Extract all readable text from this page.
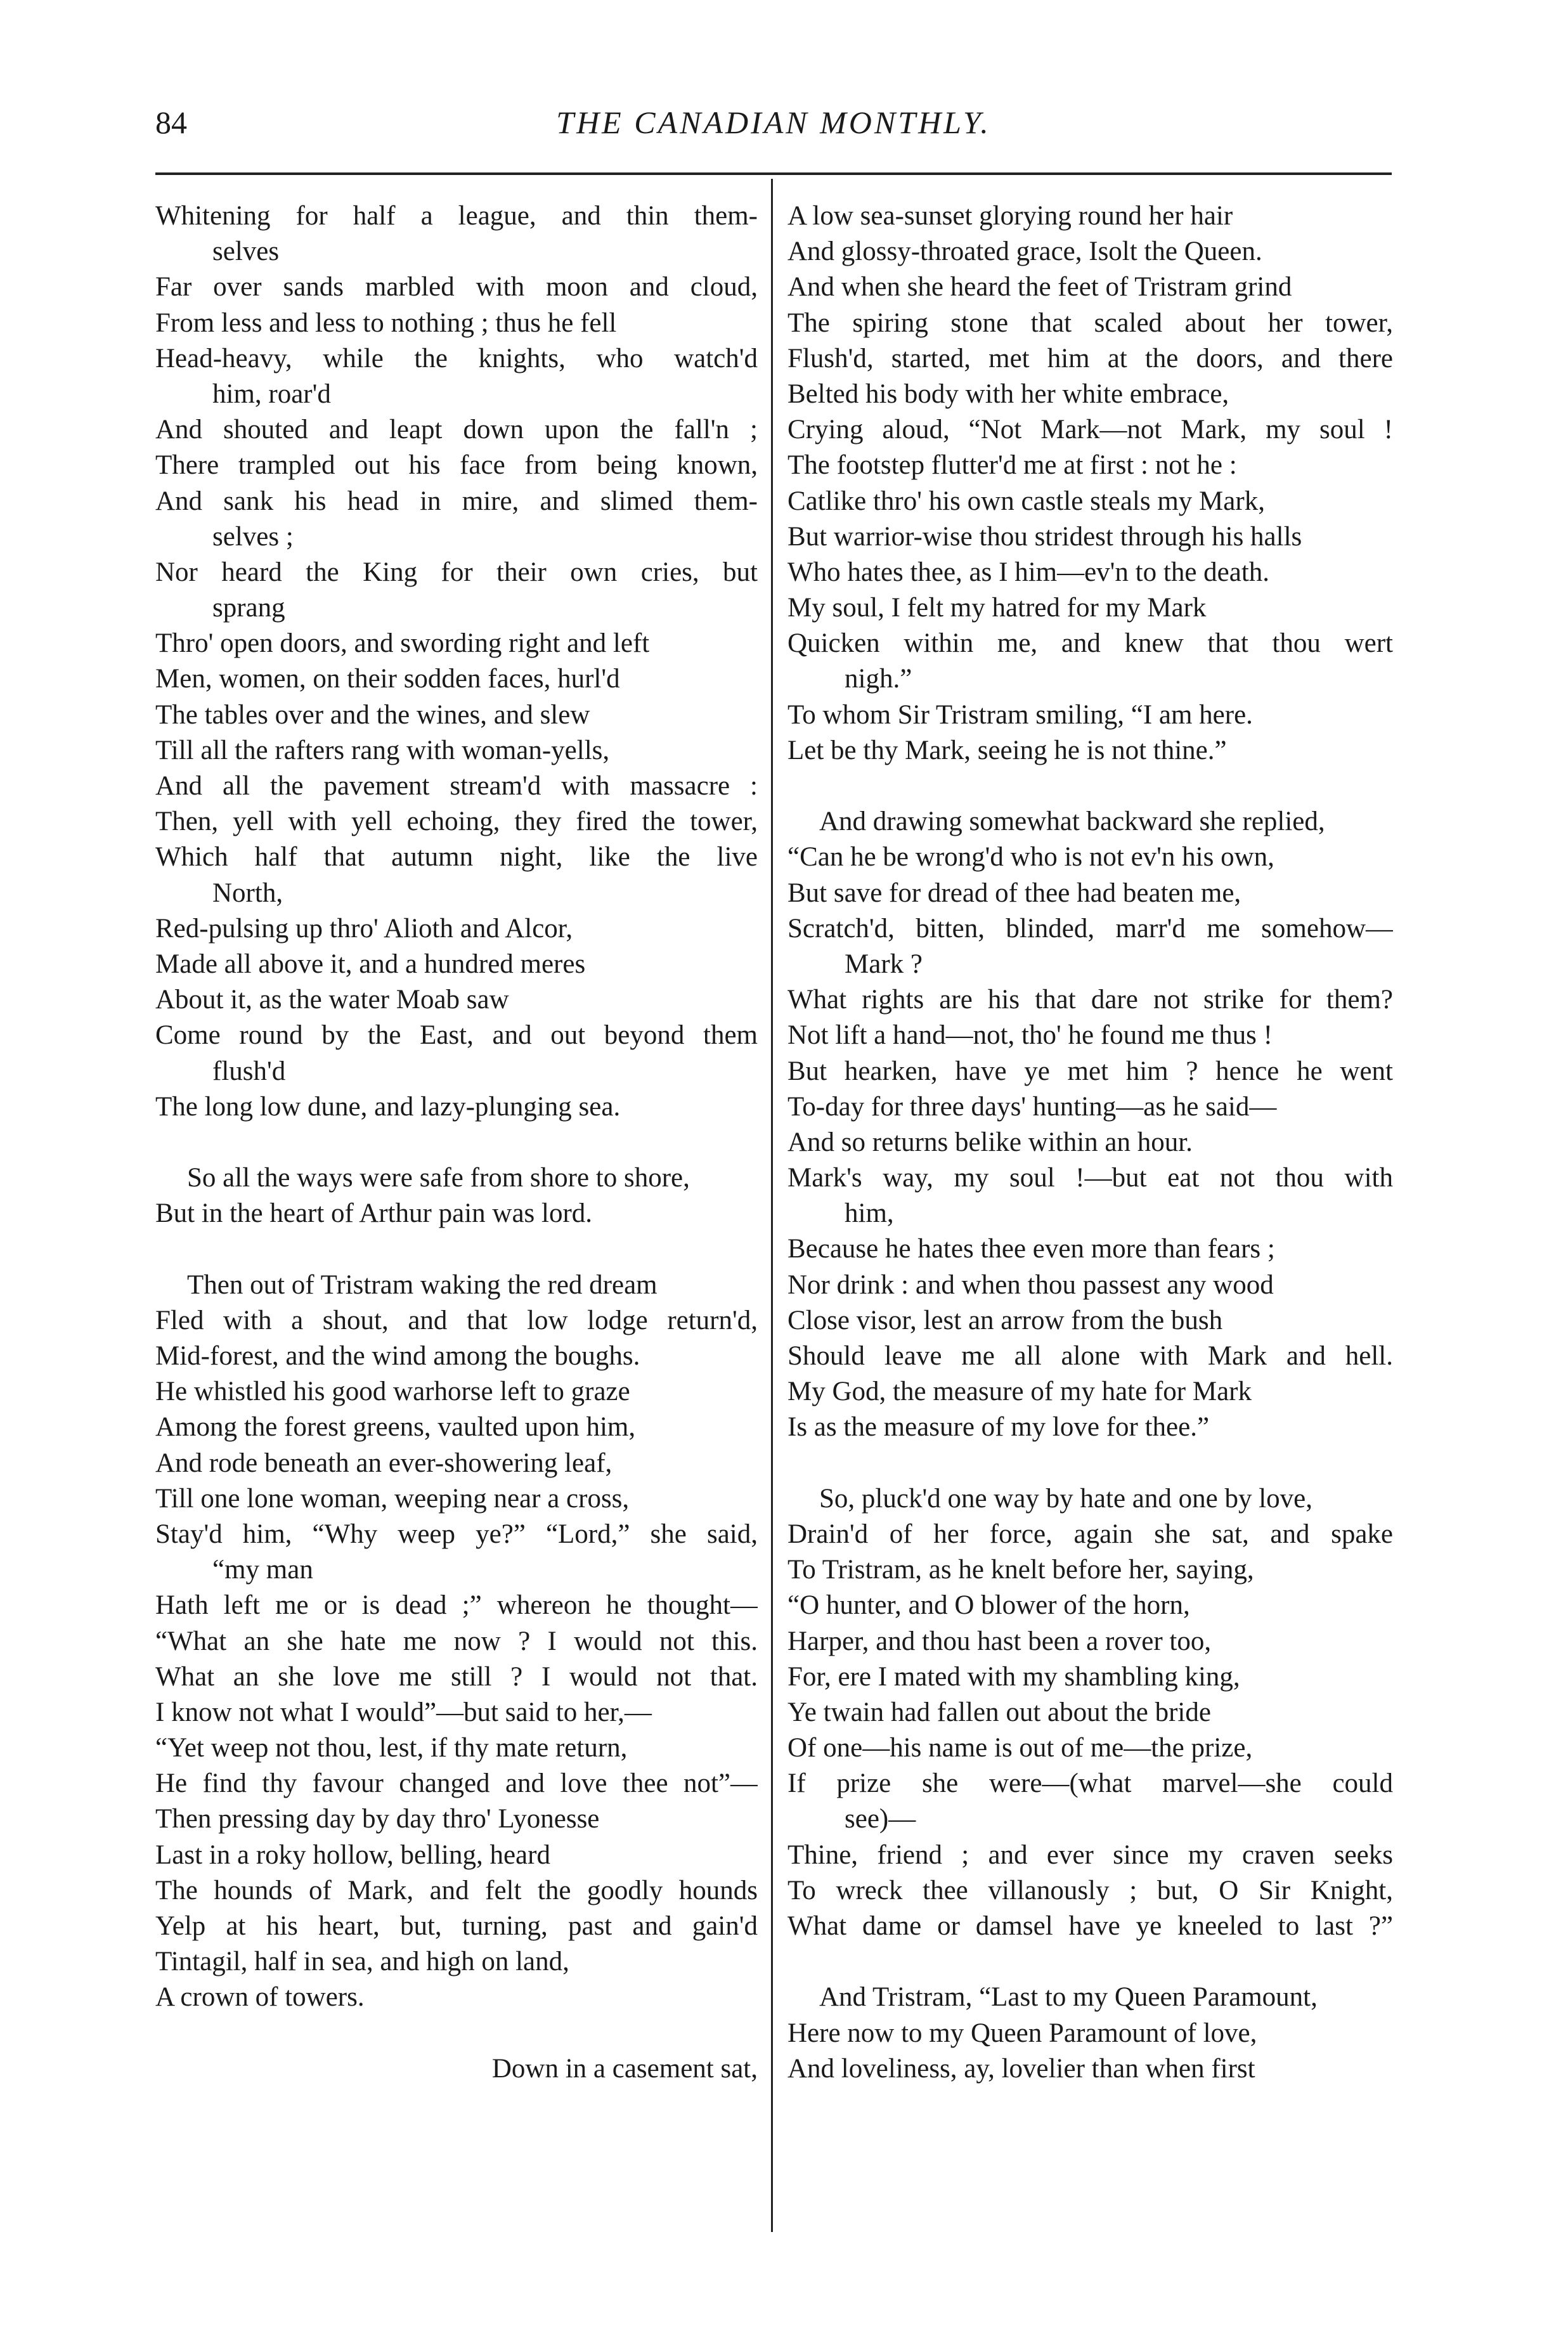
84	THE CANADIAN MONTHLY.
Whitening for half a league, and thin them-
selves
Far over sands marbled with moon and cloud,
From less and less to nothing ; thus he fell
Head-heavy, while the knights, who watch'd
him, roar'd
And shouted and leapt down upon the fall'n ;
There trampled out his face from being known,
And sank his head in mire, and slimed them-
selves ;
Nor heard the King for their own cries, but
sprang
Thro' open doors, and swording right and left
Men, women, on their sodden faces, hurl'd
The tables over and the wines, and slew
Till all the rafters rang with woman-yells,
And all the pavement stream'd with massacre :
Then, yell with yell echoing, they fired the tower,
Which half that autumn night, like the live
North,
Red-pulsing up thro' Alioth and Alcor,
Made all above it, and a hundred meres
About it, as the water Moab saw
Come round by the East, and out beyond them
flush'd
The long low dune, and lazy-plunging sea.
So all the ways were safe from shore to shore,
But in the heart of Arthur pain was lord.
Then out of Tristram waking the red dream
Fled with a shout, and that low lodge return'd,
Mid-forest, and the wind among the boughs.
He whistled his good warhorse left to graze
Among the forest greens, vaulted upon him,
And rode beneath an ever-showering leaf,
Till one lone woman, weeping near a cross,
Stay'd him, “Why weep ye?” “Lord,” she said,
“my man
Hath left me or is dead ;” whereon he thought—
“What an she hate me now ? I would not this.
What an she love me still ? I would not that.
I know not what I would”—but said to her,—
“Yet weep not thou, lest, if thy mate return,
He find thy favour changed and love thee not”—
Then pressing day by day thro' Lyonesse
Last in a roky hollow, belling, heard
The hounds of Mark, and felt the goodly hounds
Yelp at his heart, but, turning, past and gain'd
Tintagil, half in sea, and high on land,
A crown of towers.
Down in a casement sat,
A low sea-sunset glorying round her hair
And glossy-throated grace, Isolt the Queen.
And when she heard the feet of Tristram grind
The spiring stone that scaled about her tower,
Flush'd, started, met him at the doors, and there
Belted his body with her white embrace,
Crying aloud, “Not Mark—not Mark, my soul !
The footstep flutter'd me at first : not he :
Catlike thro' his own castle steals my Mark,
But warrior-wise thou stridest through his halls
Who hates thee, as I him—ev'n to the death.
My soul, I felt my hatred for my Mark
Quicken within me, and knew that thou wert
nigh.”
To whom Sir Tristram smiling, “I am here.
Let be thy Mark, seeing he is not thine.”
And drawing somewhat backward she replied,
“Can he be wrong'd who is not ev'n his own,
But save for dread of thee had beaten me,
Scratch'd, bitten, blinded, marr'd me somehow—
Mark ?
What rights are his that dare not strike for them?
Not lift a hand—not, tho' he found me thus !
But hearken, have ye met him ? hence he went
To-day for three days' hunting—as he said—
And so returns belike within an hour.
Mark's way, my soul !—but eat not thou with
him,
Because he hates thee even more than fears ;
Nor drink : and when thou passest any wood
Close visor, lest an arrow from the bush
Should leave me all alone with Mark and hell.
My God, the measure of my hate for Mark
Is as the measure of my love for thee.”
So, pluck'd one way by hate and one by love,
Drain'd of her force, again she sat, and spake
To Tristram, as he knelt before her, saying,
“O hunter, and O blower of the horn,
Harper, and thou hast been a rover too,
For, ere I mated with my shambling king,
Ye twain had fallen out about the bride
Of one—his name is out of me—the prize,
If prize she were—(what marvel—she could
see)—
Thine, friend ; and ever since my craven seeks
To wreck thee villanously ; but, O Sir Knight,
What dame or damsel have ye kneeled to last ?”
And Tristram, “Last to my Queen Paramount,
Here now to my Queen Paramount of love,
And loveliness, ay, lovelier than when first
